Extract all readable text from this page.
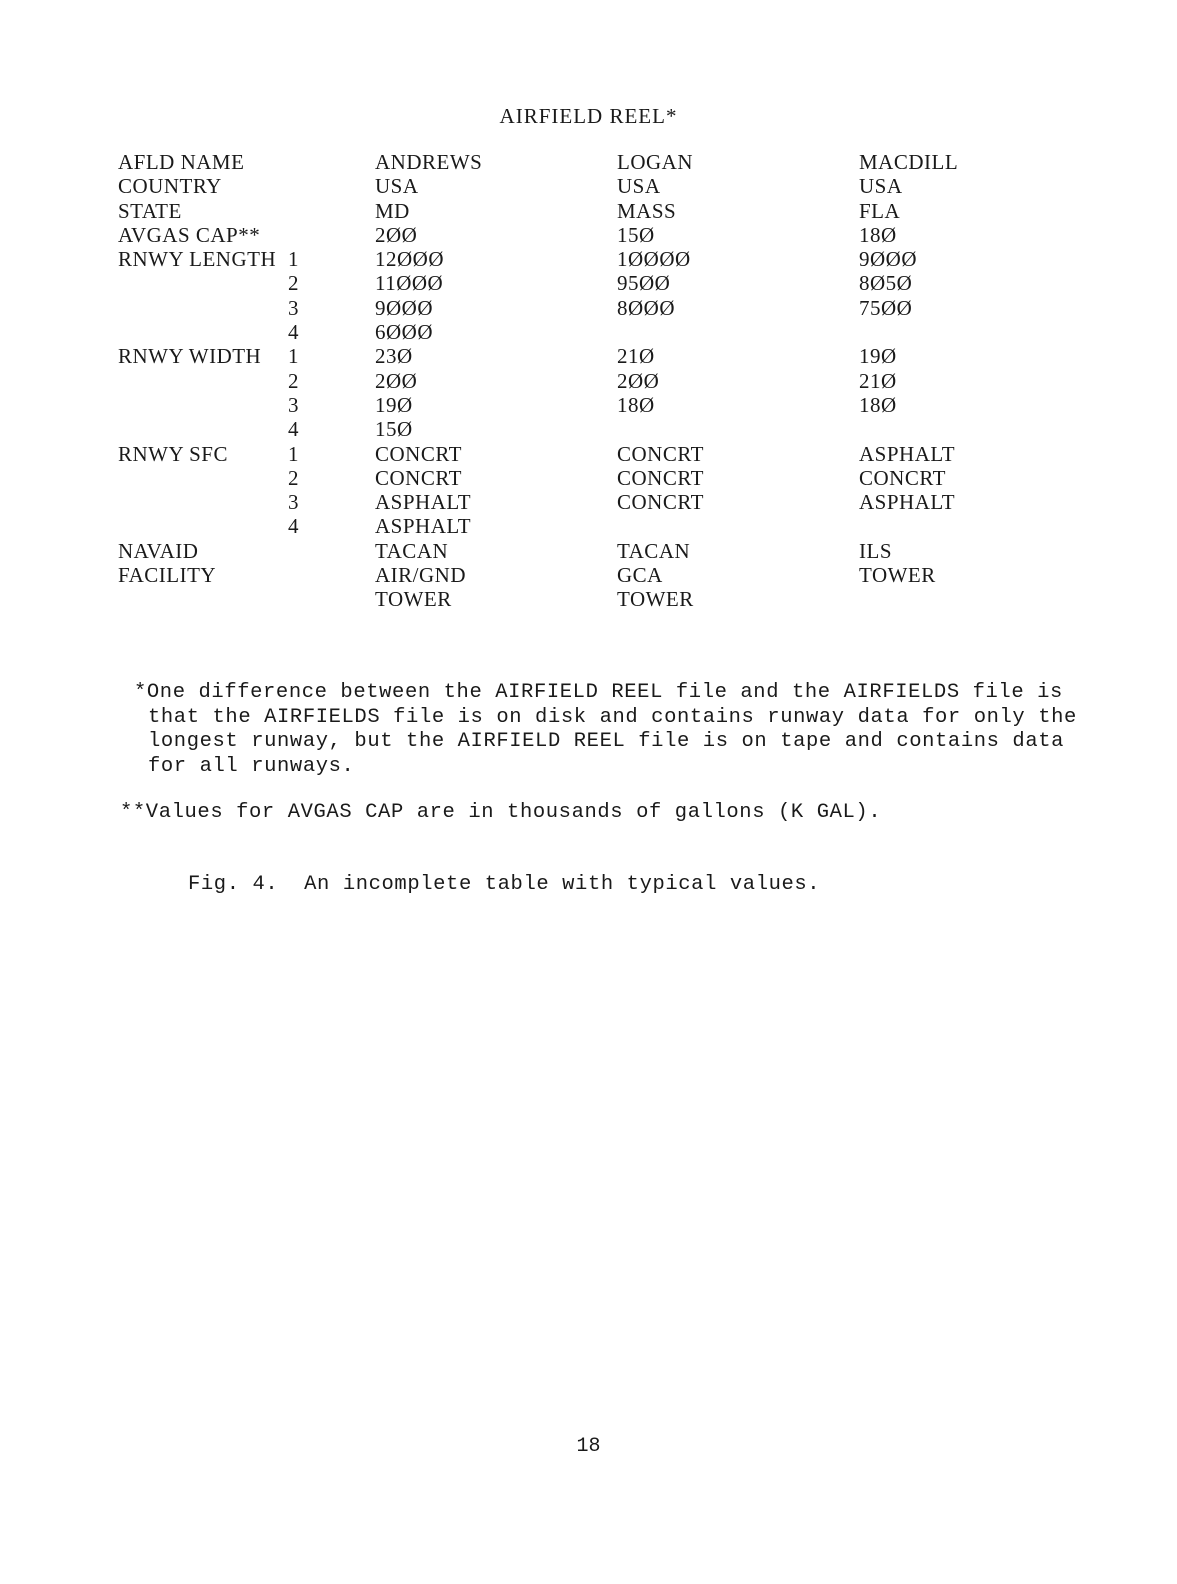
AIRFIELD REEL*
AFLD NAME	ANDREWS	LOGAN	MACDILL
COUNTRY	USA	USA	USA
STATE	MD	MASS	FLA
AVGAS CAP**	2ØØ	15Ø	18Ø
RNWY LENGTH 1	12ØØØ	1ØØØØ	9ØØØ
2	11ØØØ	95ØØ	8Ø5Ø
3	9ØØØ	8ØØØ	75ØØ
4	6ØØØ
RNWY WIDTH 1	23Ø	21Ø	19Ø
2	2ØØ	2ØØ	21Ø
3	19Ø	18Ø	18Ø
4	15Ø
RNWY SFC	1	CONCRT	CONCRT	ASPHALT
2	CONCRT	CONCRT	CONCRT
3	ASPHALT	CONCRT	ASPHALT
4	ASPHALT
NAVAID	TACAN	TACAN	ILS
FACILITY	AIR/GND	GCA	TOWER
TOWER	TOWER

*One difference between the AIRFIELD REEL file and the AIRFIELDS file is that the AIRFIELDS file is on disk and contains runway data for only the longest runway, but the AIRFIELD REEL file is on tape and contains data for all runways.

**Values for AVGAS CAP are in thousands of gallons (K GAL).

Fig. 4.  An incomplete table with typical values.
18
